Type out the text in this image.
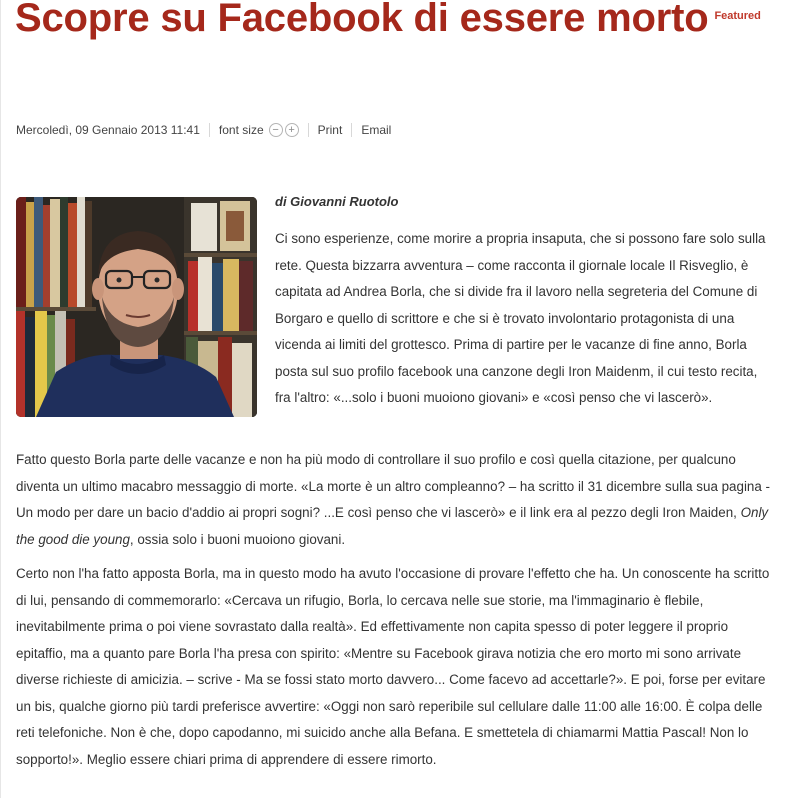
Scopre su Facebook di essere morto $^{Featured}$
Mercoledì, 09 Gennaio 2013 11:41 font size − +	Print Email
di Giovanni Ruotolo

Ci sono esperienze, come morire a propria insaputa, che si possono fare solo sulla rete. Questa bizzarra avventura – come racconta il giornale locale Il Risveglio, è capitata ad Andrea Borla, che si divide fra il lavoro nella segreteria del Comune di Borgaro e quello di scrittore e che si è trovato involontario protagonista di una vicenda ai limiti del grottesco. Prima di partire per le vacanze di fine anno, Borla posta sul suo profilo facebook una canzone degli Iron Maidenm, il cui testo recita, fra l'altro: «...solo i buoni muoiono giovani» e «così penso che vi lascerò».

Fatto questo Borla parte delle vacanze e non ha più modo di controllare il suo profilo e così quella citazione, per qualcuno diventa un ultimo macabro messaggio di morte. «La morte è un altro compleanno? – ha scritto il 31 dicembre sulla sua pagina - Un modo per dare un bacio d'addio ai propri sogni? ...E così penso che vi lascerò» e il link era al pezzo degli Iron Maiden, Only the good die young, ossia solo i buoni muoiono giovani.

Certo non l'ha fatto apposta Borla, ma in questo modo ha avuto l'occasione di provare l'effetto che ha. Un conoscente ha scritto di lui, pensando di commemorarlo: «Cercava un rifugio, Borla, lo cercava nelle sue storie, ma l'immaginario è flebile, inevitabilmente prima o poi viene sovrastato dalla realtà». Ed effettivamente non capita spesso di poter leggere il proprio epitaffio, ma a quanto pare Borla l'ha presa con spirito: «Mentre su Facebook girava notizia che ero morto mi sono arrivate diverse richieste di amicizia. – scrive - Ma se fossi stato morto davvero... Come facevo ad accettarle?». E poi, forse per evitare un bis, qualche giorno più tardi preferisce avvertire: «Oggi non sarò reperibile sul cellulare dalle 11:00 alle 16:00. È colpa delle reti telefoniche. Non è che, dopo capodanno, mi suicido anche alla Befana. E smettetela di chiamarmi Mattia Pascal! Non lo sopporto!». Meglio essere chiari prima di apprendere di essere rimorto.
